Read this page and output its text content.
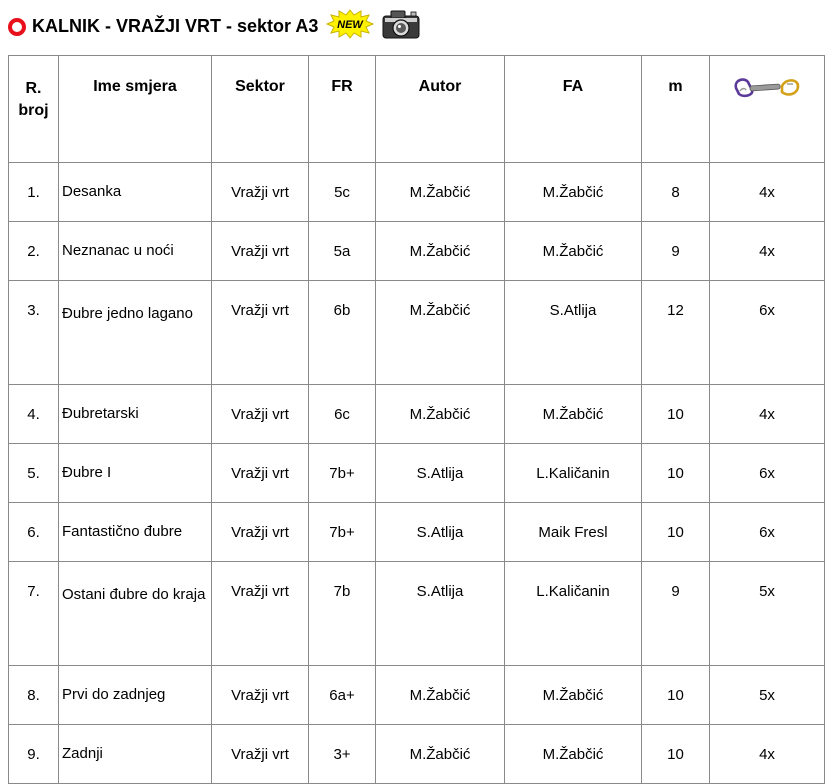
KALNIK - VRAŽJI VRT - sektor A3 NEW
R.
broj	Ime smjera	Sektor	FR	Autor	FA	m	
1.	Desanka	Vražji vrt	5c	M.Žabčić	M.Žabčić	8	4x
2.	Neznanac u noći	Vražji vrt	5a	M.Žabčić	M.Žabčić	9	4x
3.	Đubre jedno lagano	Vražji vrt	6b	M.Žabčić	S.Atlija	12	6x
4.	Đubretarski	Vražji vrt	6c	M.Žabčić	M.Žabčić	10	4x
5.	Đubre I	Vražji vrt	7b+	S.Atlija	L.Kaličanin	10	6x
6.	Fantastično đubre	Vražji vrt	7b+	S.Atlija	Maik Fresl	10	6x
7.	Ostani đubre do kraja	Vražji vrt	7b	S.Atlija	L.Kaličanin	9	5x
8.	Prvi do zadnjeg	Vražji vrt	6a+	M.Žabčić	M.Žabčić	10	5x
9.	Zadnji	Vražji vrt	3+	M.Žabčić	M.Žabčić	10	4x
